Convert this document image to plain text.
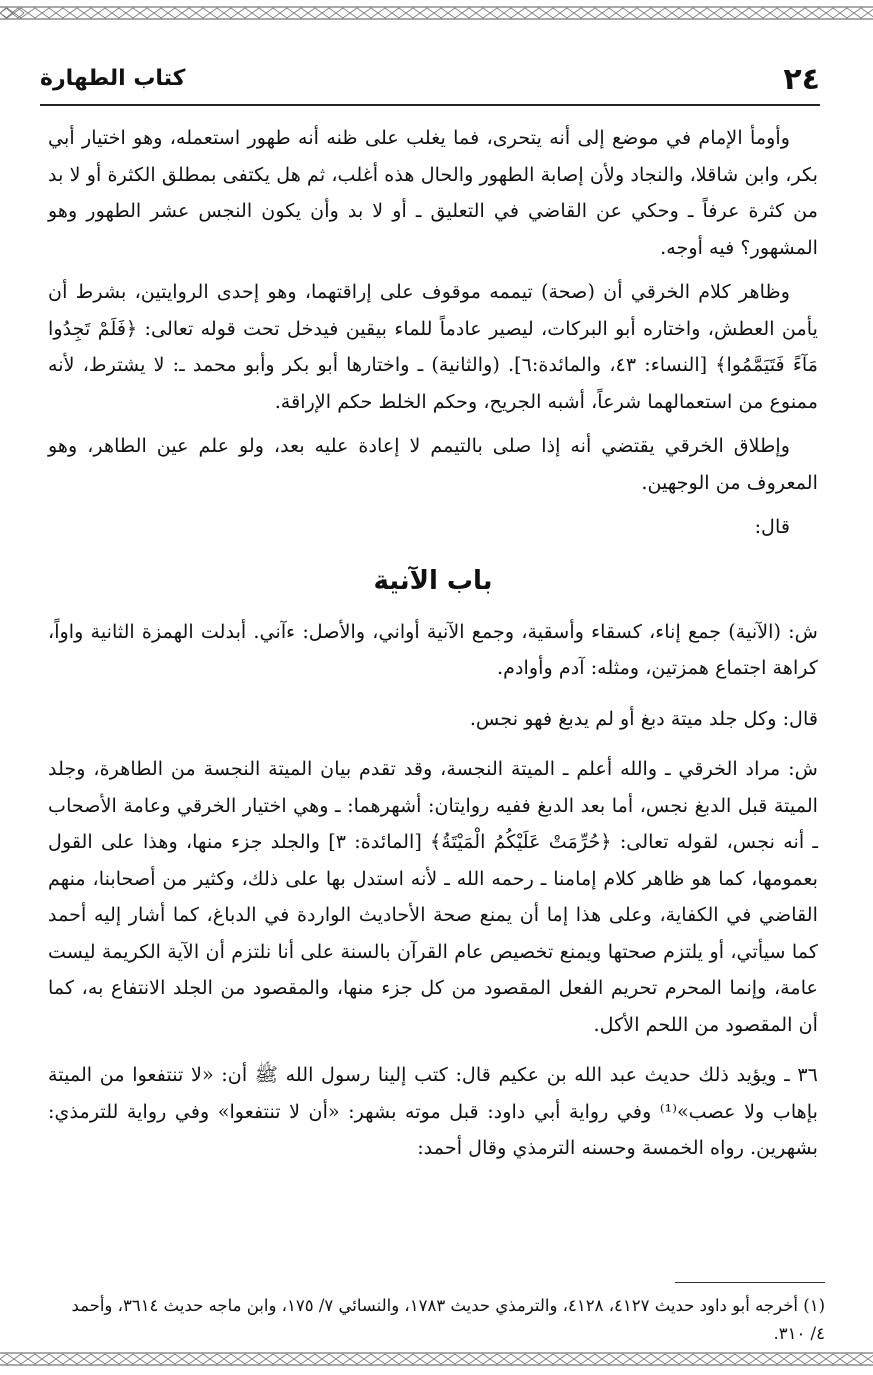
٢٤
كتاب الطهارة

وأومأ الإمام في موضع إلى أنه يتحرى، فما يغلب على ظنه أنه طهور استعمله، وهو اختيار أبي بكر، وابن شاقلا، والنجاد ولأن إصابة الطهور والحال هذه أغلب، ثم هل يكتفى بمطلق الكثرة أو لا بد من كثرة عرفاً ـ وحكي عن القاضي في التعليق ـ أو لا بد وأن يكون النجس عشر الطهور وهو المشهور؟ فيه أوجه.

وظاهر كلام الخرقي أن (صحة) تيممه موقوف على إراقتهما، وهو إحدى الروايتين، بشرط أن يأمن العطش، واختاره أبو البركات، ليصير عادماً للماء بيقين فيدخل تحت قوله تعالى: ﴿فَلَمْ تَجِدُوا مَآءً فَتَيَمَّمُوا﴾ [النساء: ٤٣، والمائدة:٦]. (والثانية) ـ واختارها أبو بكر وأبو محمد ـ: لا يشترط، لأنه ممنوع من استعمالهما شرعاً، أشبه الجريح، وحكم الخلط حكم الإراقة.

وإطلاق الخرقي يقتضي أنه إذا صلى بالتيمم لا إعادة عليه بعد، ولو علم عين الطاهر، وهو المعروف من الوجهين.

قال:

باب الآنية

ش: (الآنية) جمع إناء، كسقاء وأسقية، وجمع الآنية أواني، والأصل: ءآني. أبدلت الهمزة الثانية واواً، كراهة اجتماع همزتين، ومثله: آدم وأوادم.

قال: وكل جلد ميتة دبغ أو لم يدبغ فهو نجس.

ش: مراد الخرقي ـ والله أعلم ـ الميتة النجسة، وقد تقدم بيان الميتة النجسة من الطاهرة، وجلد الميتة قبل الدبغ نجس، أما بعد الدبغ ففيه روايتان: أشهرهما: ـ وهي اختيار الخرقي وعامة الأصحاب ـ أنه نجس، لقوله تعالى: ﴿حُرِّمَتْ عَلَيْكُمُ الْمَيْتَةُ﴾ [المائدة: ٣] والجلد جزء منها، وهذا على القول بعمومها، كما هو ظاهر كلام إمامنا ـ رحمه الله ـ لأنه استدل بها على ذلك، وكثير من أصحابنا، منهم القاضي في الكفاية، وعلى هذا إما أن يمنع صحة الأحاديث الواردة في الدباغ، كما أشار إليه أحمد كما سيأتي، أو يلتزم صحتها ويمنع تخصيص عام القرآن بالسنة على أنا نلتزم أن الآية الكريمة ليست عامة، وإنما المحرم تحريم الفعل المقصود من كل جزء منها، والمقصود من الجلد الانتفاع به، كما أن المقصود من اللحم الأكل.

٣٦ ـ ويؤيد ذلك حديث عبد الله بن عكيم قال: كتب إلينا رسول الله ﷺ أن: «لا تنتفعوا من الميتة بإهاب ولا عصب»⁽¹⁾ وفي رواية أبي داود: قبل موته بشهر: «أن لا تنتفعوا» وفي رواية للترمذي: بشهرين. رواه الخمسة وحسنه الترمذي وقال أحمد:

(١) أخرجه أبو داود حديث ٤١٢٧، ٤١٢٨، والترمذي حديث ١٧٨٣، والنسائي ٧/ ١٧٥، وابن ماجه حديث ٣٦١٤، وأحمد ٤/ ٣١٠.
